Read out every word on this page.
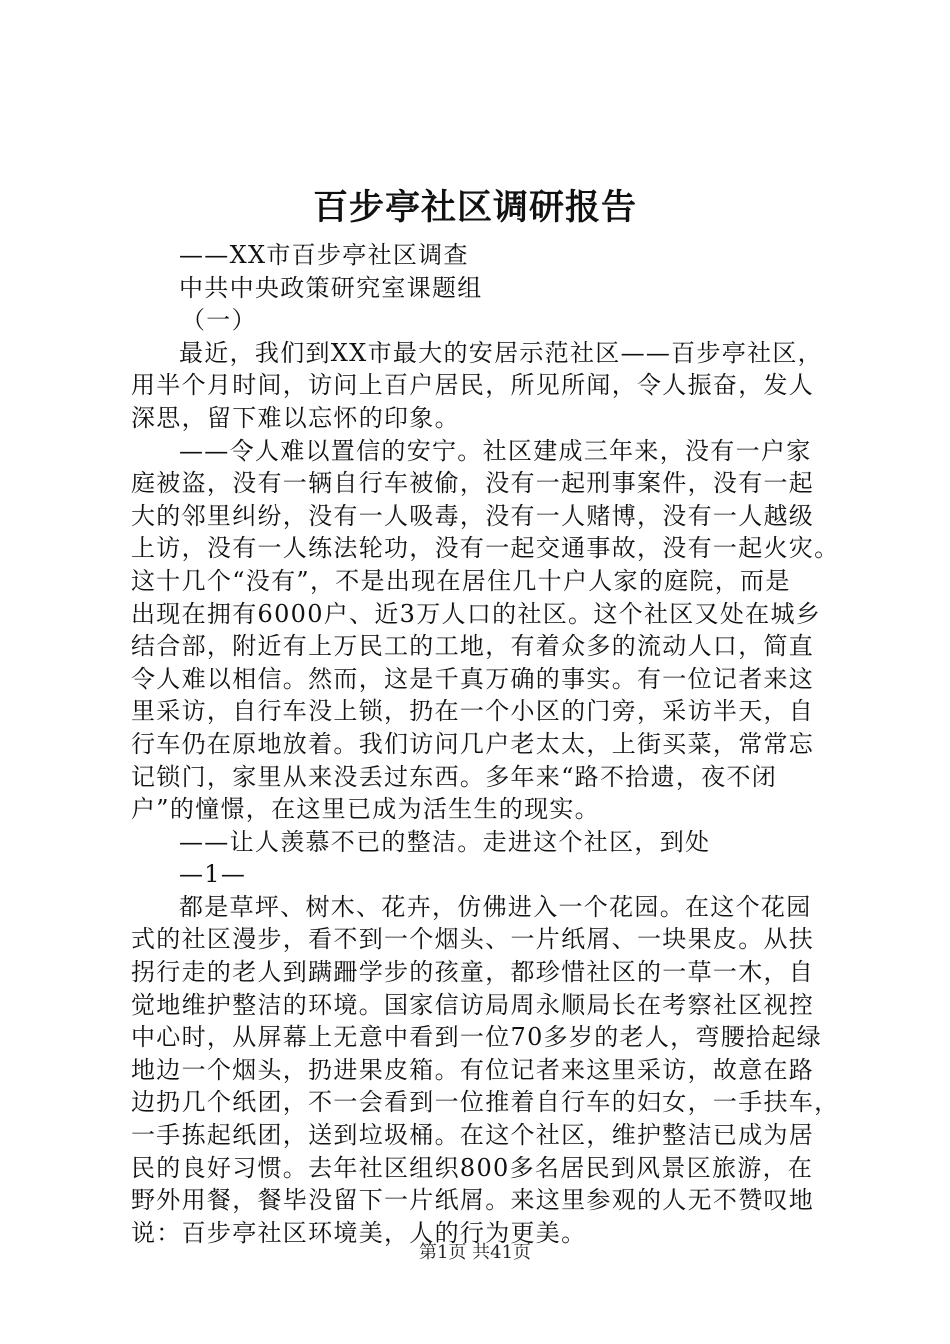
百步亭社区调研报告

——XX市百步亭社区调查

中共中央政策研究室课题组

（一）

最近，我们到XX市最大的安居示范社区——百步亭社区，

用半个月时间，访问上百户居民，所见所闻，令人振奋，发人

深思，留下难以忘怀的印象。

——令人难以置信的安宁。社区建成三年来，没有一户家

庭被盗，没有一辆自行车被偷，没有一起刑事案件，没有一起

大的邻里纠纷，没有一人吸毒，没有一人赌博，没有一人越级

上访，没有一人练法轮功，没有一起交通事故，没有一起火灾。

这十几个“没有”，不是出现在居住几十户人家的庭院，而是

出现在拥有6000户、近3万人口的社区。这个社区又处在城乡

结合部，附近有上万民工的工地，有着众多的流动人口，简直

令人难以相信。然而，这是千真万确的事实。有一位记者来这

里采访，自行车没上锁，扔在一个小区的门旁，采访半天，自

行车仍在原地放着。我们访问几户老太太，上街买菜，常常忘

记锁门，家里从来没丢过东西。多年来“路不拾遗，夜不闭

户”的憧憬，在这里已成为活生生的现实。

——让人羡慕不已的整洁。走进这个社区，到处

—1—

都是草坪、树木、花卉，仿佛进入一个花园。在这个花园

式的社区漫步，看不到一个烟头、一片纸屑、一块果皮。从扶

拐行走的老人到蹒跚学步的孩童，都珍惜社区的一草一木，自

觉地维护整洁的环境。国家信访局周永顺局长在考察社区视控

中心时，从屏幕上无意中看到一位70多岁的老人，弯腰拾起绿

地边一个烟头，扔进果皮箱。有位记者来这里采访，故意在路

边扔几个纸团，不一会看到一位推着自行车的妇女，一手扶车，

一手拣起纸团，送到垃圾桶。在这个社区，维护整洁已成为居

民的良好习惯。去年社区组织800多名居民到风景区旅游，在

野外用餐，餐毕没留下一片纸屑。来这里参观的人无不赞叹地

说：百步亭社区环境美，人的行为更美。

第1页 共41页
